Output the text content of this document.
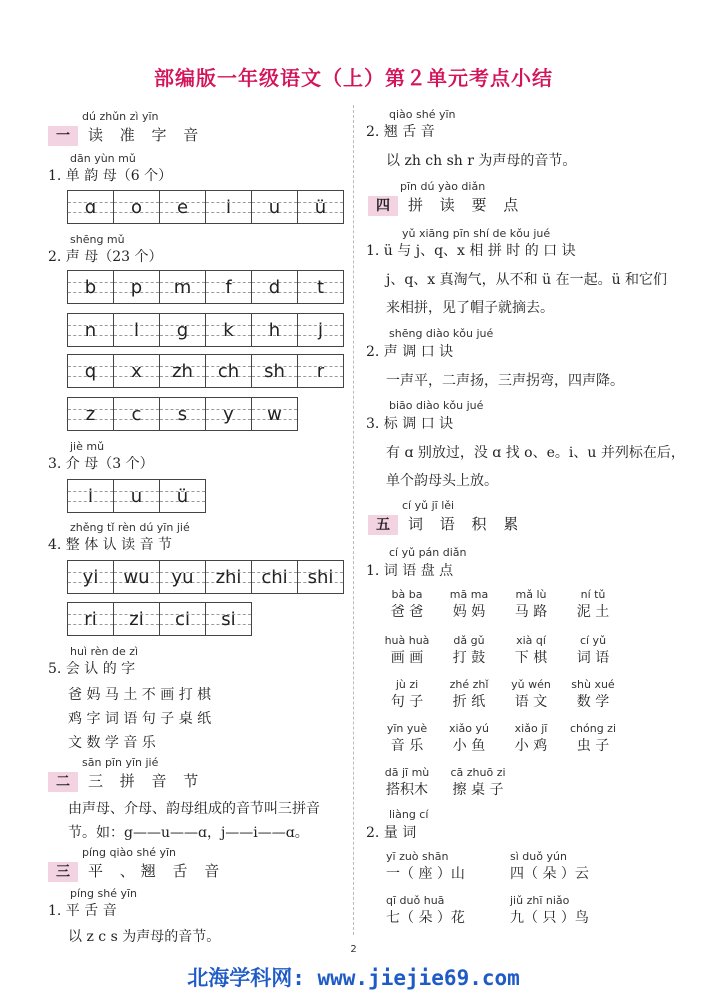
部编版一年级语文（上）第２单元考点小结
dú zhǔn zì yīn
一 读 准 字 音
dān yùn mǔ
1. 单 韵 母（6 个）
ɑ o e i u ü
shēng mǔ
2. 声 母（23 个）
b p m f d t
n l g k h j
q x zh ch sh r
z c s y w
jiè mǔ
3. 介 母（3 个）
i u ü
zhěng tǐ rèn dú yīn jié
4. 整 体 认 读 音 节
yi wu yu zhi chi shi
ri zi ci si
huì rèn de zì
5. 会 认 的 字
爸 妈 马 土 不 画 打 棋
鸡 字 词 语 句 子 桌 纸
文 数 学 音 乐
sān pīn yīn jié
二 三 拼 音 节
由声母、介母、韵母组成的音节叫三拼音
节。如：g——u——ɑ，j——i——ɑ。
píng qiào shé yīn
三 平 、翘 舌 音
píng shé yīn
1. 平 舌 音
以 z c s 为声母的音节。
qiào shé yīn
2. 翘 舌 音
以 zh ch sh r 为声母的音节。
pīn dú yào diǎn
四 拼 读 要 点
yǔ xiāng pīn shí de kǒu jué
1. ü 与 j、q、x 相 拼 时 的 口 诀
j、q、x 真淘气，从不和 ü 在一起。ü 和它们
来相拼，见了帽子就摘去。
shēng diào kǒu jué
2. 声 调 口 诀
一声平，二声扬，三声拐弯，四声降。
biāo diào kǒu jué
3. 标 调 口 诀
有 ɑ 别放过，没 ɑ 找 o、e。i、u 并列标在后，
单个韵母头上放。
cí yǔ jī lěi
五 词 语 积 累
cí yǔ pán diǎn
1. 词 语 盘 点
bà ba
爸 爸
mā ma
妈 妈
mǎ lù
马 路
ní tǔ
泥 土
huà huà
画 画
dǎ gǔ
打 鼓
xià qí
下 棋
cí yǔ
词 语
jù zi
句 子
zhé zhǐ
折 纸
yǔ wén
语 文
shù xué
数 学
yīn yuè
音 乐
xiǎo yú
小 鱼
xiǎo jī
小 鸡
chóng zi
虫 子
dā jī mù
搭积木
cā zhuō zi
擦 桌 子
liàng cí
2. 量 词
yī zuò shān
一（ 座 ）山
sì duǒ yún
四（ 朵 ）云
qī duǒ huā
七（ 朵 ）花
jiǔ zhī niǎo
九（ 只 ）鸟
2
北海学科网: www.jiejie69.com
